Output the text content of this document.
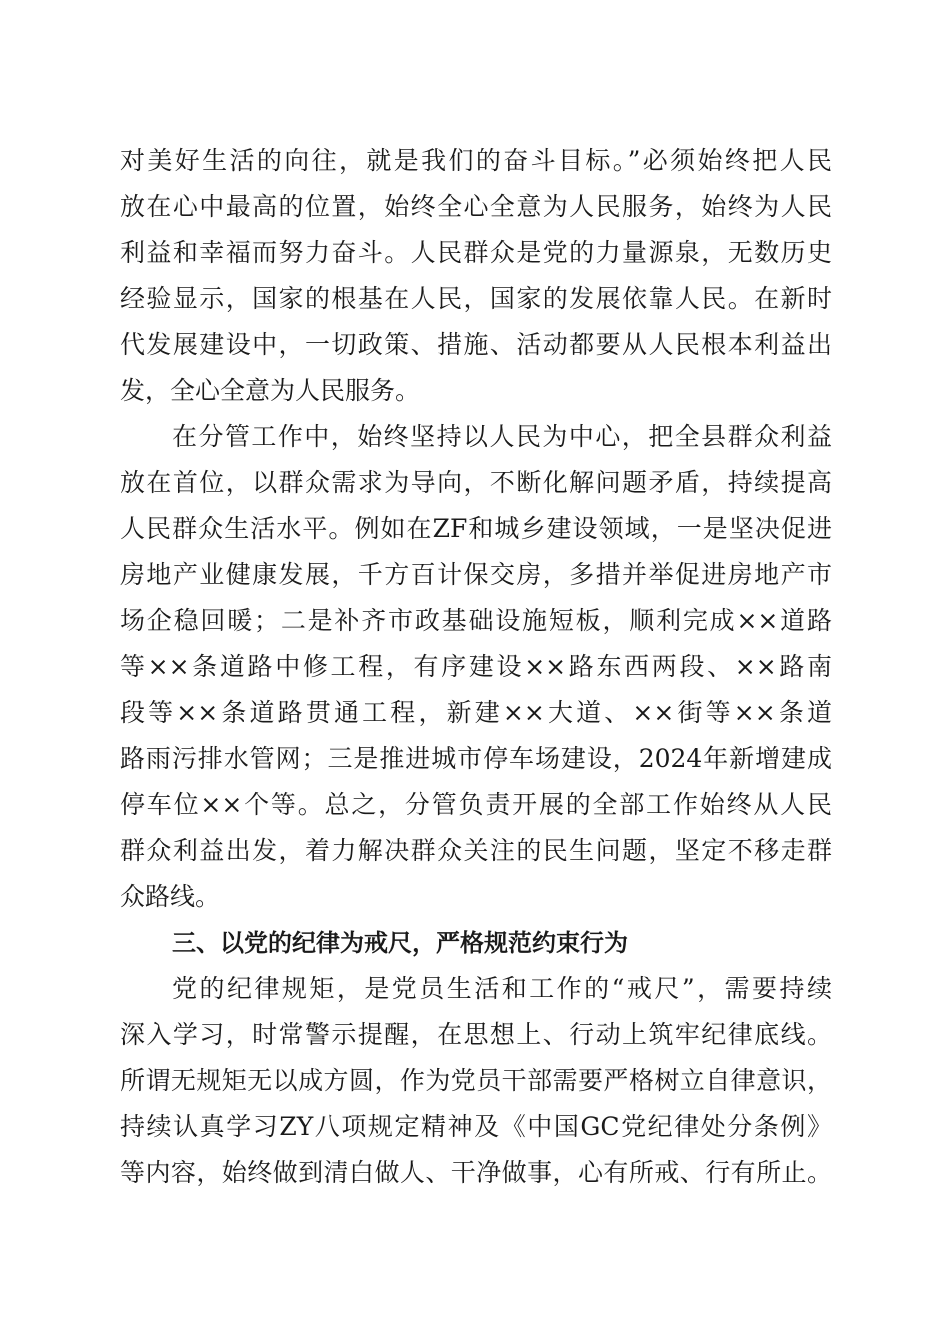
对美好生活的向往，就是我们的奋斗目标。”必须始终把人民
放在心中最高的位置，始终全心全意为人民服务，始终为人民
利益和幸福而努力奋斗。人民群众是党的力量源泉，无数历史
经验显示，国家的根基在人民，国家的发展依靠人民。在新时
代发展建设中，一切政策、措施、活动都要从人民根本利益出
发，全心全意为人民服务。
在分管工作中，始终坚持以人民为中心，把全县群众利益
放在首位，以群众需求为导向，不断化解问题矛盾，持续提高
人民群众生活水平。例如在ZF和城乡建设领域，一是坚决促进
房地产业健康发展，千方百计保交房，多措并举促进房地产市
场企稳回暖；二是补齐市政基础设施短板，顺利完成××道路
等××条道路中修工程，有序建设××路东西两段、××路南
段等××条道路贯通工程，新建××大道、××街等××条道
路雨污排水管网；三是推进城市停车场建设，2024年新增建成
停车位××个等。总之，分管负责开展的全部工作始终从人民
群众利益出发，着力解决群众关注的民生问题，坚定不移走群
众路线。
三、以党的纪律为戒尺，严格规范约束行为
党的纪律规矩，是党员生活和工作的“戒尺”，需要持续
深入学习，时常警示提醒，在思想上、行动上筑牢纪律底线。
所谓无规矩无以成方圆，作为党员干部需要严格树立自律意识，
持续认真学习ZY八项规定精神及《中国GC党纪律处分条例》
等内容，始终做到清白做人、干净做事，心有所戒、行有所止。
